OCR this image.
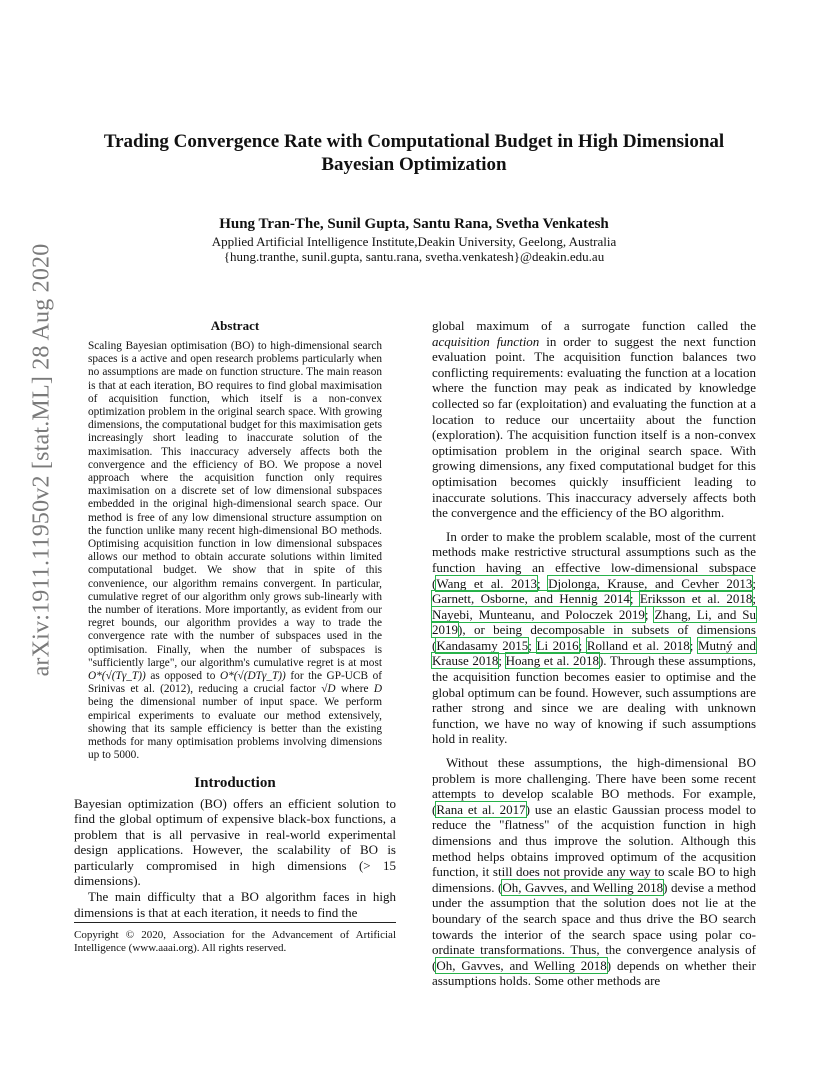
arXiv:1911.11950v2 [stat.ML] 28 Aug 2020
Trading Convergence Rate with Computational Budget in High Dimensional Bayesian Optimization
Hung Tran-The, Sunil Gupta, Santu Rana, Svetha Venkatesh
Applied Artificial Intelligence Institute,Deakin University, Geelong, Australia
{hung.tranthe, sunil.gupta, santu.rana, svetha.venkatesh}@deakin.edu.au
Abstract

Scaling Bayesian optimisation (BO) to high-dimensional search spaces is a active and open research problems particularly when no assumptions are made on function structure. The main reason is that at each iteration, BO requires to find global maximisation of acquisition function, which itself is a non-convex optimization problem in the original search space. With growing dimensions, the computational budget for this maximisation gets increasingly short leading to inaccurate solution of the maximisation. This inaccuracy adversely affects both the convergence and the efficiency of BO. We propose a novel approach where the acquisition function only requires maximisation on a discrete set of low dimensional subspaces embedded in the original high-dimensional search space. Our method is free of any low dimensional structure assumption on the function unlike many recent high-dimensional BO methods. Optimising acquisition function in low dimensional subspaces allows our method to obtain accurate solutions within limited computational budget. We show that in spite of this convenience, our algorithm remains convergent. In particular, cumulative regret of our algorithm only grows sub-linearly with the number of iterations. More importantly, as evident from our regret bounds, our algorithm provides a way to trade the convergence rate with the number of subspaces used in the optimisation. Finally, when the number of subspaces is "sufficiently large", our algorithm's cumulative regret is at most O*(√(Tγ_T)) as opposed to O*(√(DTγ_T)) for the GP-UCB of Srinivas et al. (2012), reducing a crucial factor √D where D being the dimensional number of input space. We perform empirical experiments to evaluate our method extensively, showing that its sample efficiency is better than the existing methods for many optimisation problems involving dimensions up to 5000.

Introduction

Bayesian optimization (BO) offers an efficient solution to find the global optimum of expensive black-box functions, a problem that is all pervasive in real-world experimental design applications. However, the scalability of BO is particularly compromised in high dimensions (> 15 dimensions).

The main difficulty that a BO algorithm faces in high dimensions is that at each iteration, it needs to find the

Copyright © 2020, Association for the Advancement of Artificial Intelligence (www.aaai.org). All rights reserved.

global maximum of a surrogate function called the acquisition function in order to suggest the next function evaluation point. The acquisition function balances two conflicting requirements: evaluating the function at a location where the function may peak as indicated by knowledge collected so far (exploitation) and evaluating the function at a location to reduce our uncertaiity about the function (exploration). The acquisition function itself is a non-convex optimisation problem in the original search space. With growing dimensions, any fixed computational budget for this optimisation becomes quickly insufficient leading to inaccurate solutions. This inaccuracy adversely affects both the convergence and the efficiency of the BO algorithm.

In order to make the problem scalable, most of the current methods make restrictive structural assumptions such as the function having an effective low-dimensional subspace (Wang et al. 2013; Djolonga, Krause, and Cevher 2013; Garnett, Osborne, and Hennig 2014; Eriksson et al. 2018; Nayebi, Munteanu, and Poloczek 2019; Zhang, Li, and Su 2019), or being decomposable in subsets of dimensions (Kandasamy 2015; Li 2016; Rolland et al. 2018; Mutný and Krause 2018; Hoang et al. 2018). Through these assumptions, the acquisition function becomes easier to optimise and the global optimum can be found. However, such assumptions are rather strong and since we are dealing with unknown function, we have no way of knowing if such assumptions hold in reality.

Without these assumptions, the high-dimensional BO problem is more challenging. There have been some recent attempts to develop scalable BO methods. For example, (Rana et al. 2017) use an elastic Gaussian process model to reduce the "flatness" of the acquistion function in high dimensions and thus improve the solution. Although this method helps obtains improved optimum of the acqusition function, it still does not provide any way to scale BO to high dimensions. (Oh, Gavves, and Welling 2018) devise a method under the assumption that the solution does not lie at the boundary of the search space and thus drive the BO search towards the interior of the search space using polar co-ordinate transformations. Thus, the convergence analysis of (Oh, Gavves, and Welling 2018) depends on whether their assumptions holds. Some other methods are
